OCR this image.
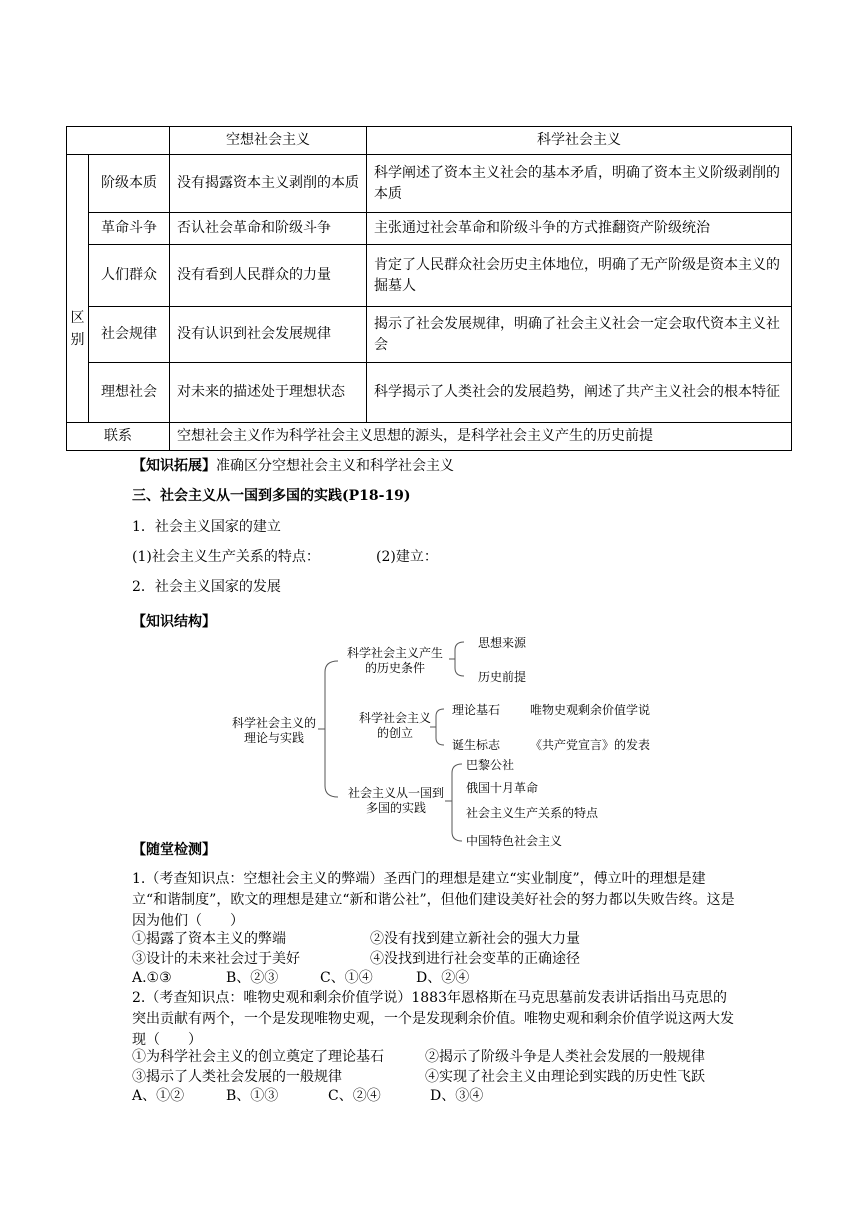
		空想社会主义	科学社会主义

区别	阶级本质	没有揭露资本主义剥削的本质	科学阐述了资本主义社会的基本矛盾，明确了资本主义阶级剥削的本质
	革命斗争	否认社会革命和阶级斗争	主张通过社会革命和阶级斗争的方式推翻资产阶级统治
	人们群众	没有看到人民群众的力量	肯定了人民群众社会历史主体地位，明确了无产阶级是资本主义的掘墓人
	社会规律	没有认识到社会发展规律	揭示了社会发展规律，明确了社会主义社会一定会取代资本主义社会
	理想社会	对未来的描述处于理想状态	科学揭示了人类社会的发展趋势，阐述了共产主义社会的根本特征
联系		空想社会主义作为科学社会主义思想的源头，是科学社会主义产生的历史前提	
【知识拓展】准确区分空想社会主义和科学社会主义
三、社会主义从一国到多国的实践(P18-19)
1．社会主义国家的建立
(1)社会主义生产关系的特点：	(2)建立：
2．社会主义国家的发展
【知识结构】
科学社会主义的理论与实践
科学社会主义产生的历史条件
思想来源
历史前提
科学社会主义的创立
理论基石 唯物史观剩余价值学说
诞生标志 《共产党宣言》的发表
社会主义从一国到多国的实践
巴黎公社
俄国十月革命
社会主义生产关系的特点
中国特色社会主义
【随堂检测】
1.（考查知识点：空想社会主义的弊端）圣西门的理想是建立“实业制度”，傅立叶的理想是建立“和谐制度”，欧文的理想是建立“新和谐公社”，但他们建设美好社会的努力都以失败告终。这是因为他们（　　）
①揭露了资本主义的弊端	②没有找到建立新社会的强大力量
③设计的未来社会过于美好	④没找到进行社会变革的正确途径
A.①③	B、②③	C、①④	D、②④
2.（考查知识点：唯物史观和剩余价值学说）1883年恩格斯在马克思墓前发表讲话指出马克思的突出贡献有两个，一个是发现唯物史观，一个是发现剩余价值。唯物史观和剩余价值学说这两大发现（　　）
①为科学社会主义的创立奠定了理论基石	②揭示了阶级斗争是人类社会发展的一般规律
③揭示了人类社会发展的一般规律	④实现了社会主义由理论到实践的历史性飞跃
A、①②	B、①③	C、②④	D、③④
